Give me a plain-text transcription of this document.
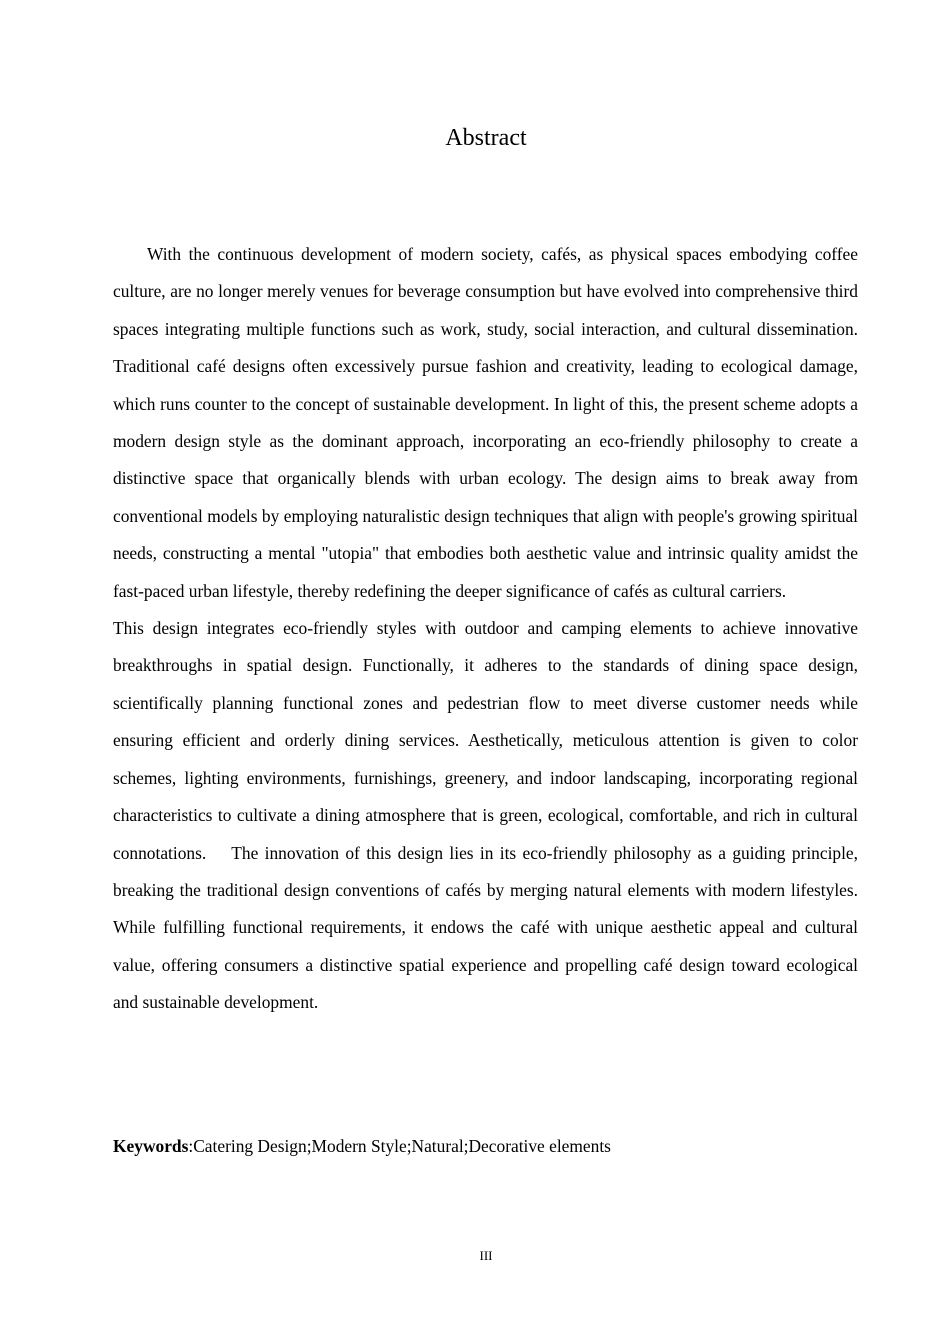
Abstract

With the continuous development of modern society, cafés, as physical spaces embodying coffee culture, are no longer merely venues for beverage consumption but have evolved into comprehensive third spaces integrating multiple functions such as work, study, social interaction, and cultural dissemination. Traditional café designs often excessively pursue fashion and creativity, leading to ecological damage, which runs counter to the concept of sustainable development. In light of this, the present scheme adopts a modern design style as the dominant approach, incorporating an eco-friendly philosophy to create a distinctive space that organically blends with urban ecology. The design aims to break away from conventional models by employing naturalistic design techniques that align with people's growing spiritual needs, constructing a mental "utopia" that embodies both aesthetic value and intrinsic quality amidst the fast-paced urban lifestyle, thereby redefining the deeper significance of cafés as cultural carriers.

This design integrates eco-friendly styles with outdoor and camping elements to achieve innovative breakthroughs in spatial design. Functionally, it adheres to the standards of dining space design, scientifically planning functional zones and pedestrian flow to meet diverse customer needs while ensuring efficient and orderly dining services. Aesthetically, meticulous attention is given to color schemes, lighting environments, furnishings, greenery, and indoor landscaping, incorporating regional characteristics to cultivate a dining atmosphere that is green, ecological, comfortable, and rich in cultural connotations.    The innovation of this design lies in its eco-friendly philosophy as a guiding principle, breaking the traditional design conventions of cafés by merging natural elements with modern lifestyles. While fulfilling functional requirements, it endows the café with unique aesthetic appeal and cultural value, offering consumers a distinctive spatial experience and propelling café design toward ecological and sustainable development.

Keywords:Catering Design;Modern Style;Natural;Decorative elements
III
